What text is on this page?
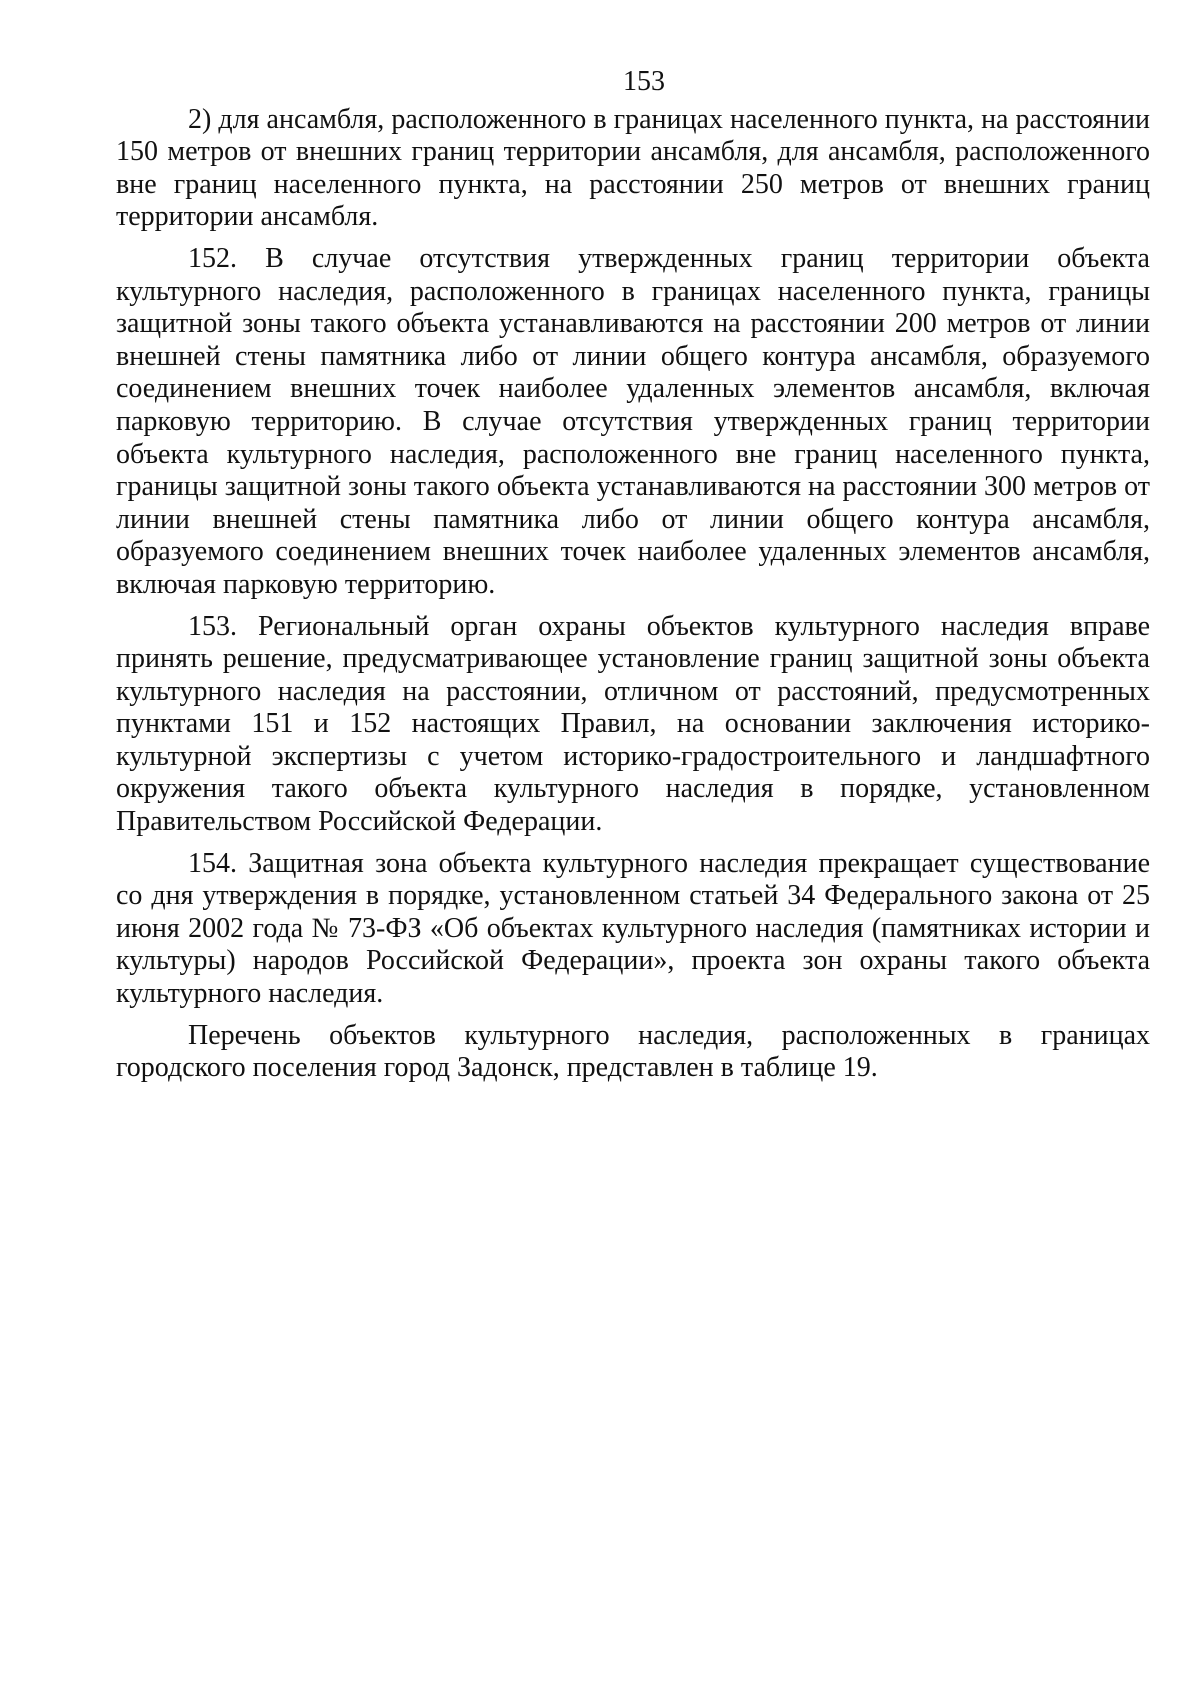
153

2) для ансамбля, расположенного в границах населенного пункта, на расстоянии 150 метров от внешних границ территории ансамбля, для ансамбля, расположенного вне границ населенного пункта, на расстоянии 250 метров от внешних границ территории ансамбля.

152. В случае отсутствия утвержденных границ территории объекта культурного наследия, расположенного в границах населенного пункта, границы защитной зоны такого объекта устанавливаются на расстоянии 200 метров от линии внешней стены памятника либо от линии общего контура ансамбля, образуемого соединением внешних точек наиболее удаленных элементов ансамбля, включая парковую территорию. В случае отсутствия утвержденных границ территории объекта культурного наследия, расположенного вне границ населенного пункта, границы защитной зоны такого объекта устанавливаются на расстоянии 300 метров от линии внешней стены памятника либо от линии общего контура ансамбля, образуемого соединением внешних точек наиболее удаленных элементов ансамбля, включая парковую территорию.

153. Региональный орган охраны объектов культурного наследия вправе принять решение, предусматривающее установление границ защитной зоны объекта культурного наследия на расстоянии, отличном от расстояний, предусмотренных пунктами 151 и 152 настоящих Правил, на основании заключения историко-культурной экспертизы с учетом историко-градостроительного и ландшафтного окружения такого объекта культурного наследия в порядке, установленном Правительством Российской Федерации.

154. Защитная зона объекта культурного наследия прекращает существование со дня утверждения в порядке, установленном статьей 34 Федерального закона от 25 июня 2002 года № 73-ФЗ «Об объектах культурного наследия (памятниках истории и культуры) народов Российской Федерации», проекта зон охраны такого объекта культурного наследия.

Перечень объектов культурного наследия, расположенных в границах городского поселения город Задонск, представлен в таблице 19.
